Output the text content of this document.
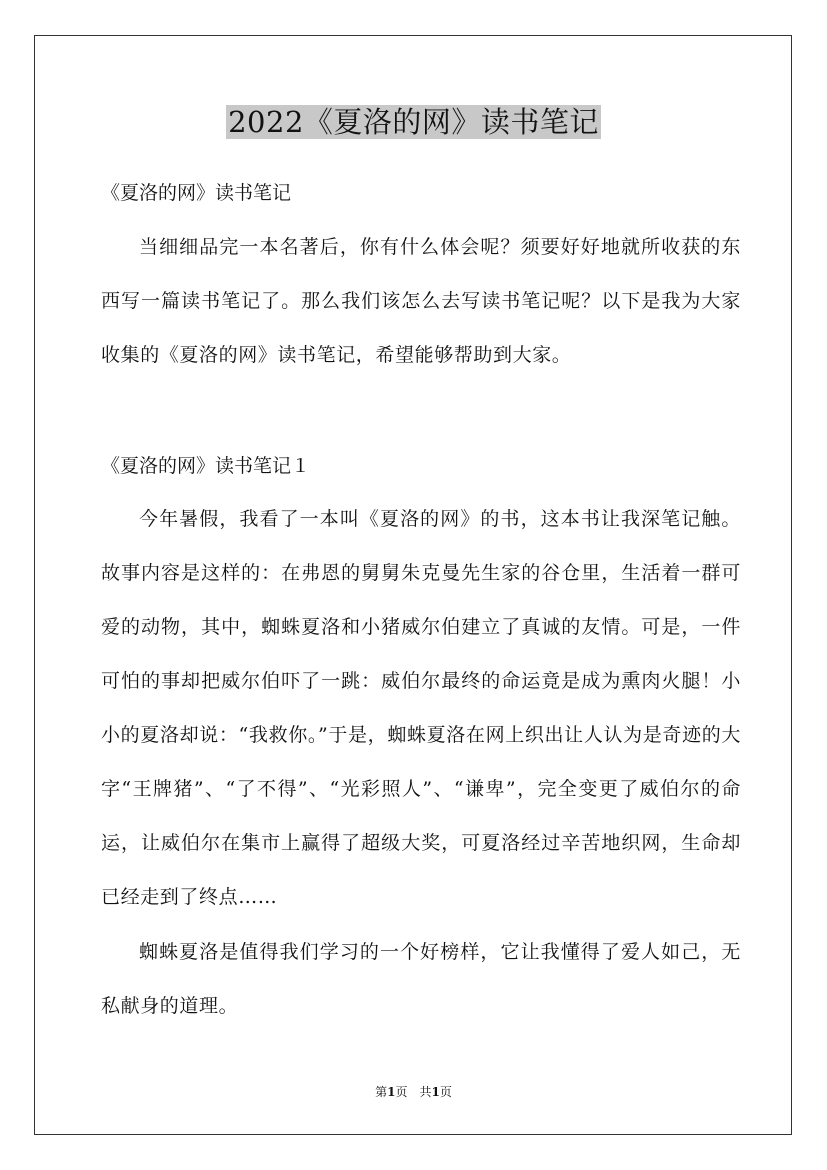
2022《夏洛的网》读书笔记

《夏洛的网》读书笔记

当细细品完一本名著后，你有什么体会呢？须要好好地就所收获的东西写一篇读书笔记了。那么我们该怎么去写读书笔记呢？以下是我为大家收集的《夏洛的网》读书笔记，希望能够帮助到大家。

《夏洛的网》读书笔记１

今年暑假，我看了一本叫《夏洛的网》的书，这本书让我深笔记触。故事内容是这样的：在弗恩的舅舅朱克曼先生家的谷仓里，生活着一群可爱的动物，其中，蜘蛛夏洛和小猪威尔伯建立了真诚的友情。可是，一件可怕的事却把威尔伯吓了一跳：威伯尔最终的命运竟是成为熏肉火腿！小小的夏洛却说：“我救你。”于是，蜘蛛夏洛在网上织出让人认为是奇迹的大字“王牌猪”、“了不得”、“光彩照人”、“谦卑”，完全变更了威伯尔的命运，让威伯尔在集市上赢得了超级大奖，可夏洛经过辛苦地织网，生命却已经走到了终点……

蜘蛛夏洛是值得我们学习的一个好榜样，它让我懂得了爱人如己，无私献身的道理。

第1页　共1页
